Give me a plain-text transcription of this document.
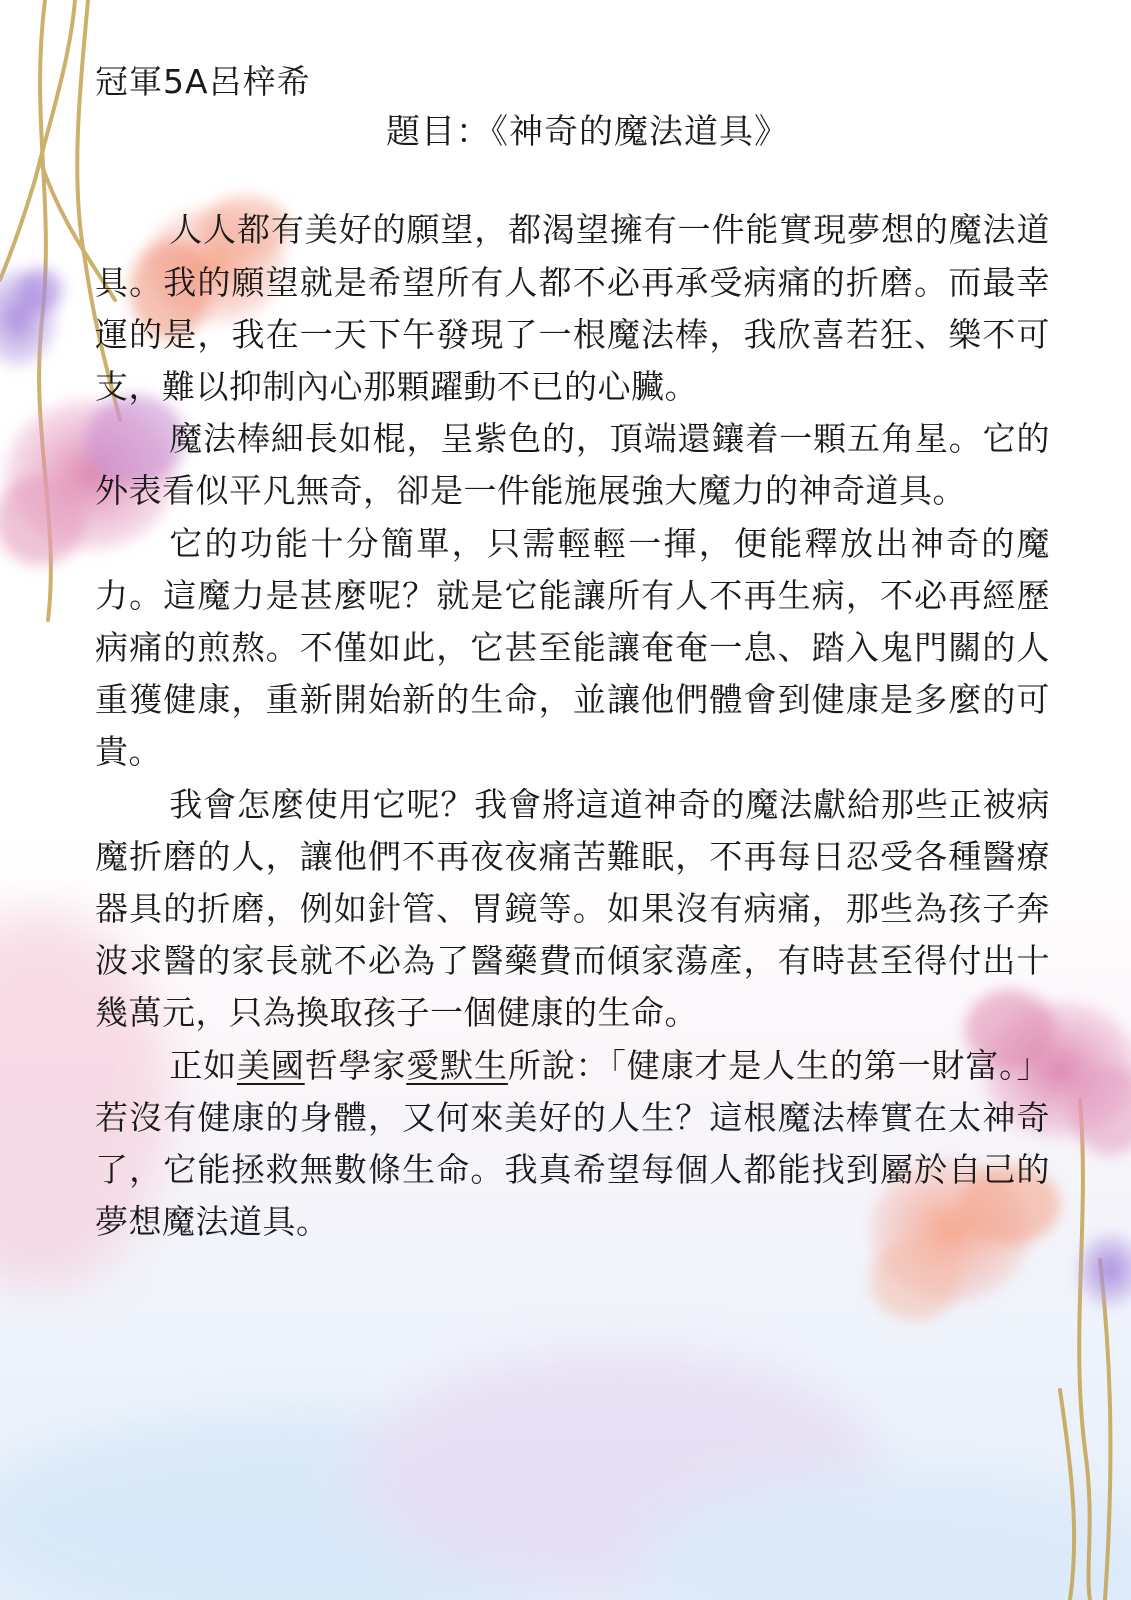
冠軍5A呂梓希

題目：《神奇的魔法道具》

人人都有美好的願望，都渴望擁有一件能實現夢想的魔法道具。我的願望就是希望所有人都不必再承受病痛的折磨。而最幸運的是，我在一天下午發現了一根魔法棒，我欣喜若狂、樂不可支，難以抑制內心那顆躍動不已的心臟。

魔法棒細長如棍，呈紫色的，頂端還鑲着一顆五角星。它的外表看似平凡無奇，卻是一件能施展強大魔力的神奇道具。

它的功能十分簡單，只需輕輕一揮，便能釋放出神奇的魔力。這魔力是甚麼呢？就是它能讓所有人不再生病，不必再經歷病痛的煎熬。不僅如此，它甚至能讓奄奄一息、踏入鬼門關的人重獲健康，重新開始新的生命，並讓他們體會到健康是多麼的可貴。

我會怎麼使用它呢？我會將這道神奇的魔法獻給那些正被病魔折磨的人，讓他們不再夜夜痛苦難眠，不再每日忍受各種醫療器具的折磨，例如針管、胃鏡等。如果沒有病痛，那些為孩子奔波求醫的家長就不必為了醫藥費而傾家蕩產，有時甚至得付出十幾萬元，只為換取孩子一個健康的生命。

正如美國哲學家愛默生所說：「健康才是人生的第一財富。」若沒有健康的身體，又何來美好的人生？這根魔法棒實在太神奇了，它能拯救無數條生命。我真希望每個人都能找到屬於自己的夢想魔法道具。
